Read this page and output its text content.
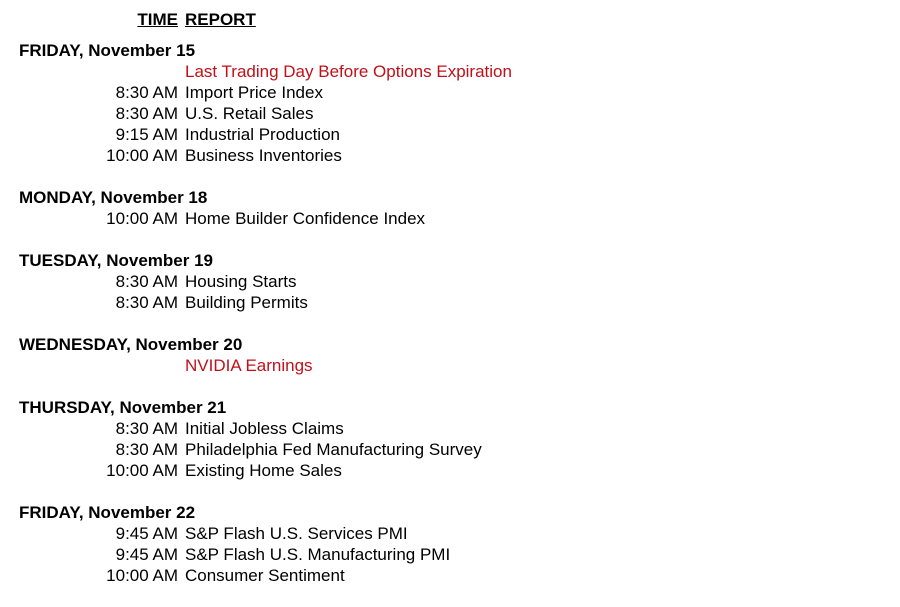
TIME REPORT
FRIDAY, November 15
Last Trading Day Before Options Expiration
8:30 AM Import Price Index
8:30 AM U.S. Retail Sales
9:15 AM Industrial Production
10:00 AM Business Inventories
MONDAY, November 18
10:00 AM Home Builder Confidence Index
TUESDAY, November 19
8:30 AM Housing Starts
8:30 AM Building Permits
WEDNESDAY, November 20
NVIDIA Earnings
THURSDAY, November 21
8:30 AM Initial Jobless Claims
8:30 AM Philadelphia Fed Manufacturing Survey
10:00 AM Existing Home Sales
FRIDAY, November 22
9:45 AM S&P Flash U.S. Services PMI
9:45 AM S&P Flash U.S. Manufacturing PMI
10:00 AM Consumer Sentiment
